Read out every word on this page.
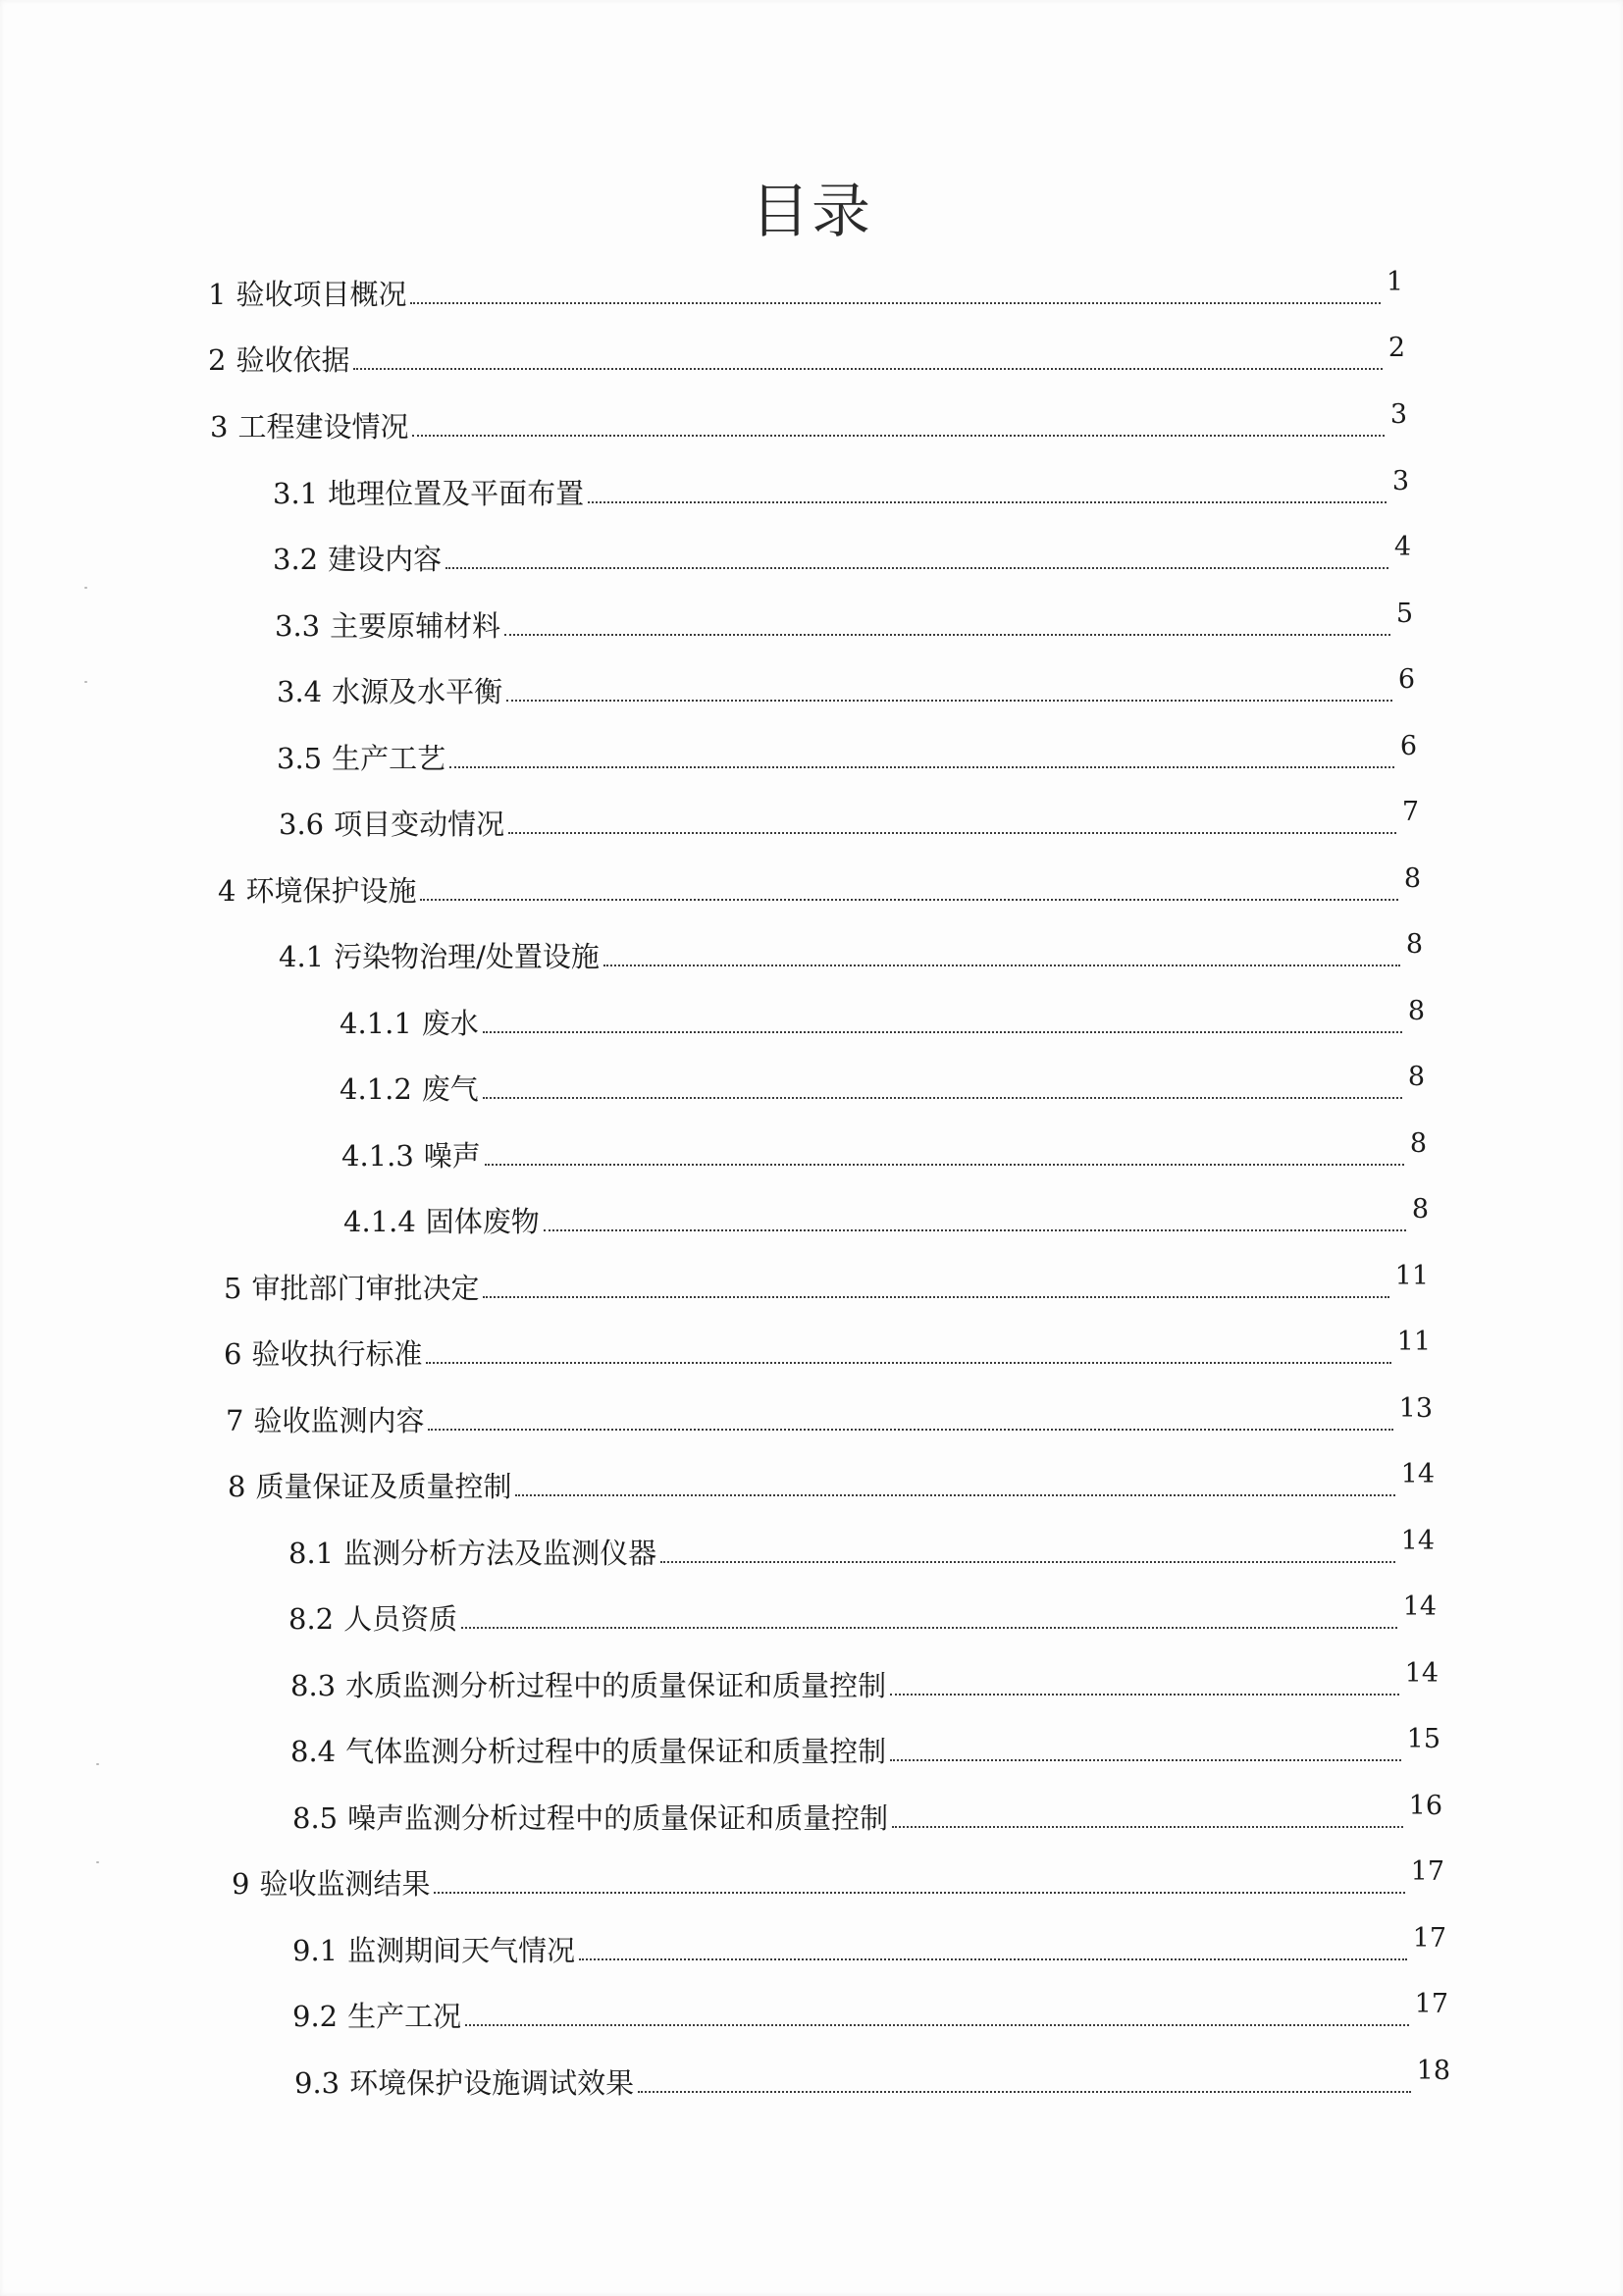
目录
1 验收项目概况	1
2 验收依据	2
3 工程建设情况	3
3.1 地理位置及平面布置	3
3.2 建设内容	4
3.3 主要原辅材料	5
3.4 水源及水平衡	6
3.5 生产工艺	6
3.6 项目变动情况	7
4 环境保护设施	8
4.1 污染物治理/处置设施	8
4.1.1 废水	8
4.1.2 废气	8
4.1.3 噪声	8
4.1.4 固体废物	8
5 审批部门审批决定	11
6 验收执行标准	11
7 验收监测内容	13
8 质量保证及质量控制	14
8.1 监测分析方法及监测仪器	14
8.2 人员资质	14
8.3 水质监测分析过程中的质量保证和质量控制	14
8.4 气体监测分析过程中的质量保证和质量控制	15
8.5 噪声监测分析过程中的质量保证和质量控制	16
9 验收监测结果	17
9.1 监测期间天气情况	17
9.2 生产工况	17
9.3 环境保护设施调试效果	18
